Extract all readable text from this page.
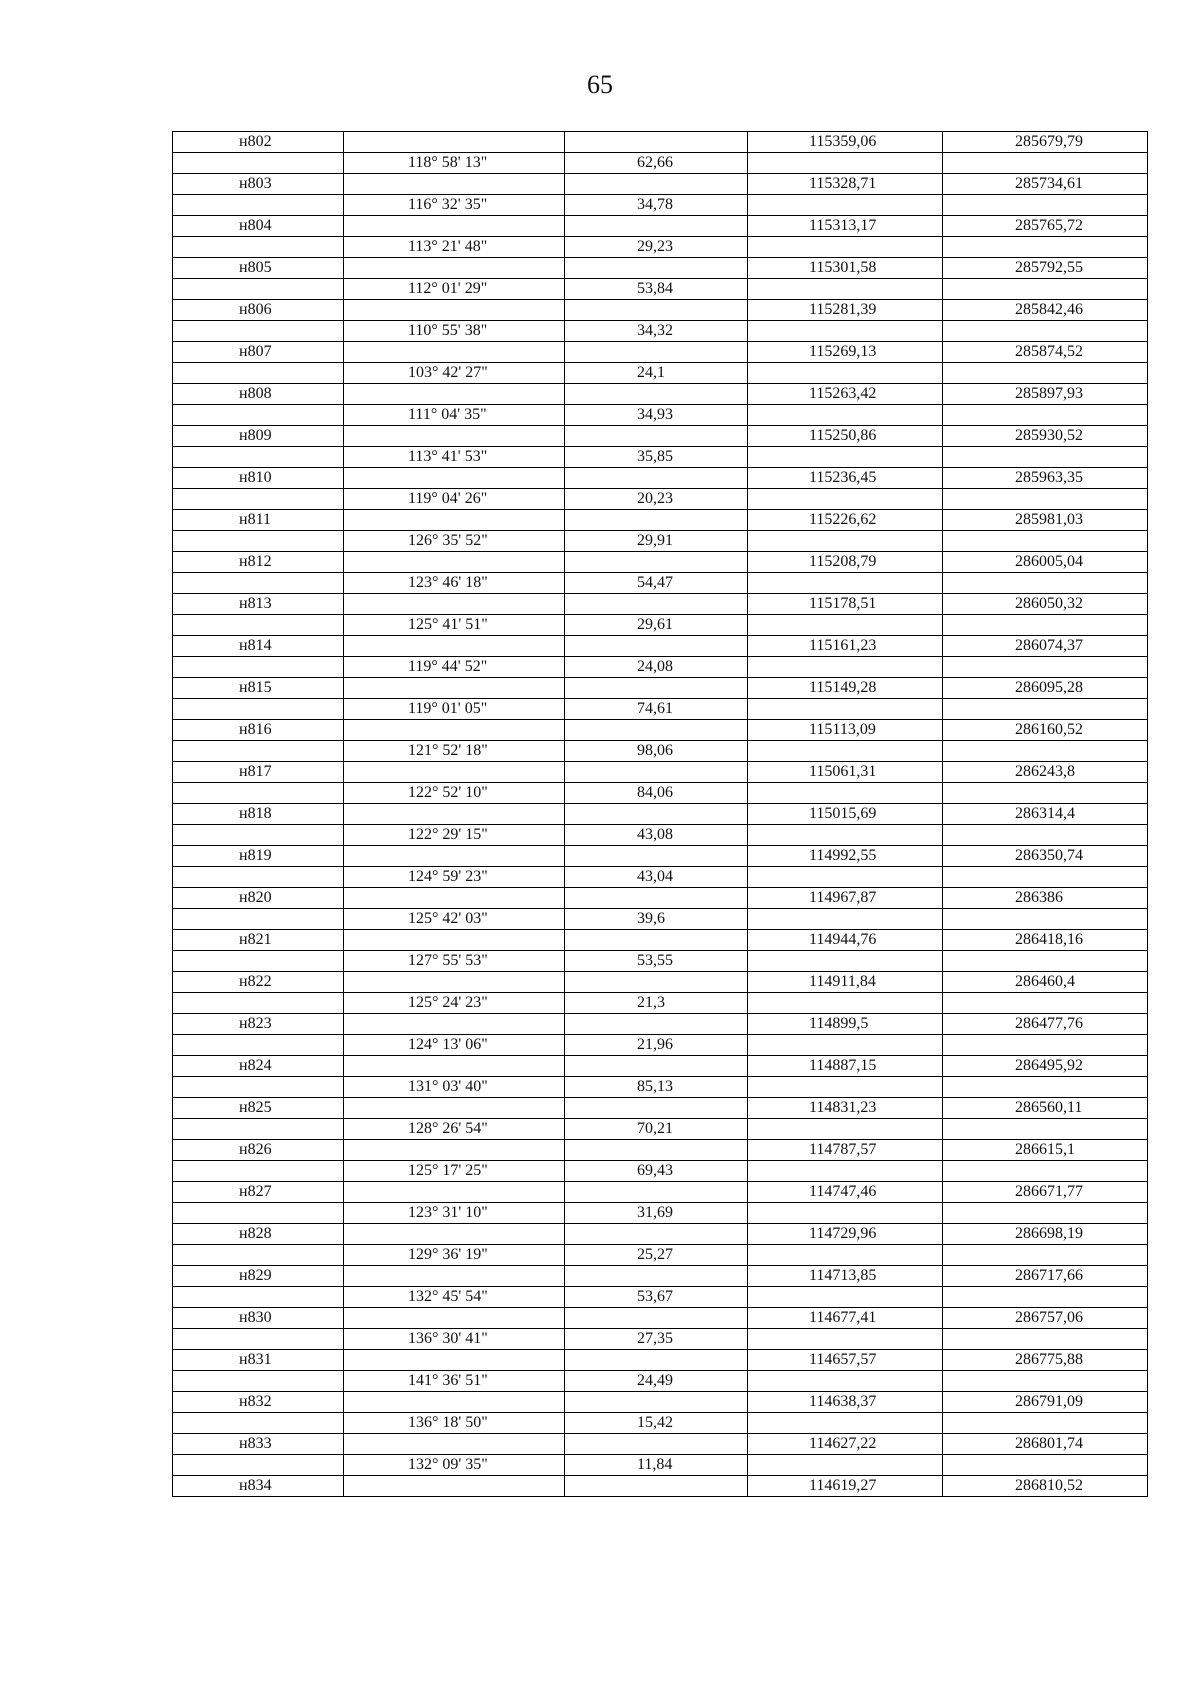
65
н802			115359,06	285679,79
	118° 58' 13"	62,66		
н803			115328,71	285734,61
	116° 32' 35"	34,78		
н804			115313,17	285765,72
	113° 21' 48"	29,23		
н805			115301,58	285792,55
	112° 01' 29"	53,84		
н806			115281,39	285842,46
	110° 55' 38"	34,32		
н807			115269,13	285874,52
	103° 42' 27"	24,1		
н808			115263,42	285897,93
	111° 04' 35"	34,93		
н809			115250,86	285930,52
	113° 41' 53"	35,85		
н810			115236,45	285963,35
	119° 04' 26"	20,23		
н811			115226,62	285981,03
	126° 35' 52"	29,91		
н812			115208,79	286005,04
	123° 46' 18"	54,47		
н813			115178,51	286050,32
	125° 41' 51"	29,61		
н814			115161,23	286074,37
	119° 44' 52"	24,08		
н815			115149,28	286095,28
	119° 01' 05"	74,61		
н816			115113,09	286160,52
	121° 52' 18"	98,06		
н817			115061,31	286243,8
	122° 52' 10"	84,06		
н818			115015,69	286314,4
	122° 29' 15"	43,08		
н819			114992,55	286350,74
	124° 59' 23"	43,04		
н820			114967,87	286386
	125° 42' 03"	39,6		
н821			114944,76	286418,16
	127° 55' 53"	53,55		
н822			114911,84	286460,4
	125° 24' 23"	21,3		
н823			114899,5	286477,76
	124° 13' 06"	21,96		
н824			114887,15	286495,92
	131° 03' 40"	85,13		
н825			114831,23	286560,11
	128° 26' 54"	70,21		
н826			114787,57	286615,1
	125° 17' 25"	69,43		
н827			114747,46	286671,77
	123° 31' 10"	31,69		
н828			114729,96	286698,19
	129° 36' 19"	25,27		
н829			114713,85	286717,66
	132° 45' 54"	53,67		
н830			114677,41	286757,06
	136° 30' 41"	27,35		
н831			114657,57	286775,88
	141° 36' 51"	24,49		
н832			114638,37	286791,09
	136° 18' 50"	15,42		
н833			114627,22	286801,74
	132° 09' 35"	11,84		
н834			114619,27	286810,52
